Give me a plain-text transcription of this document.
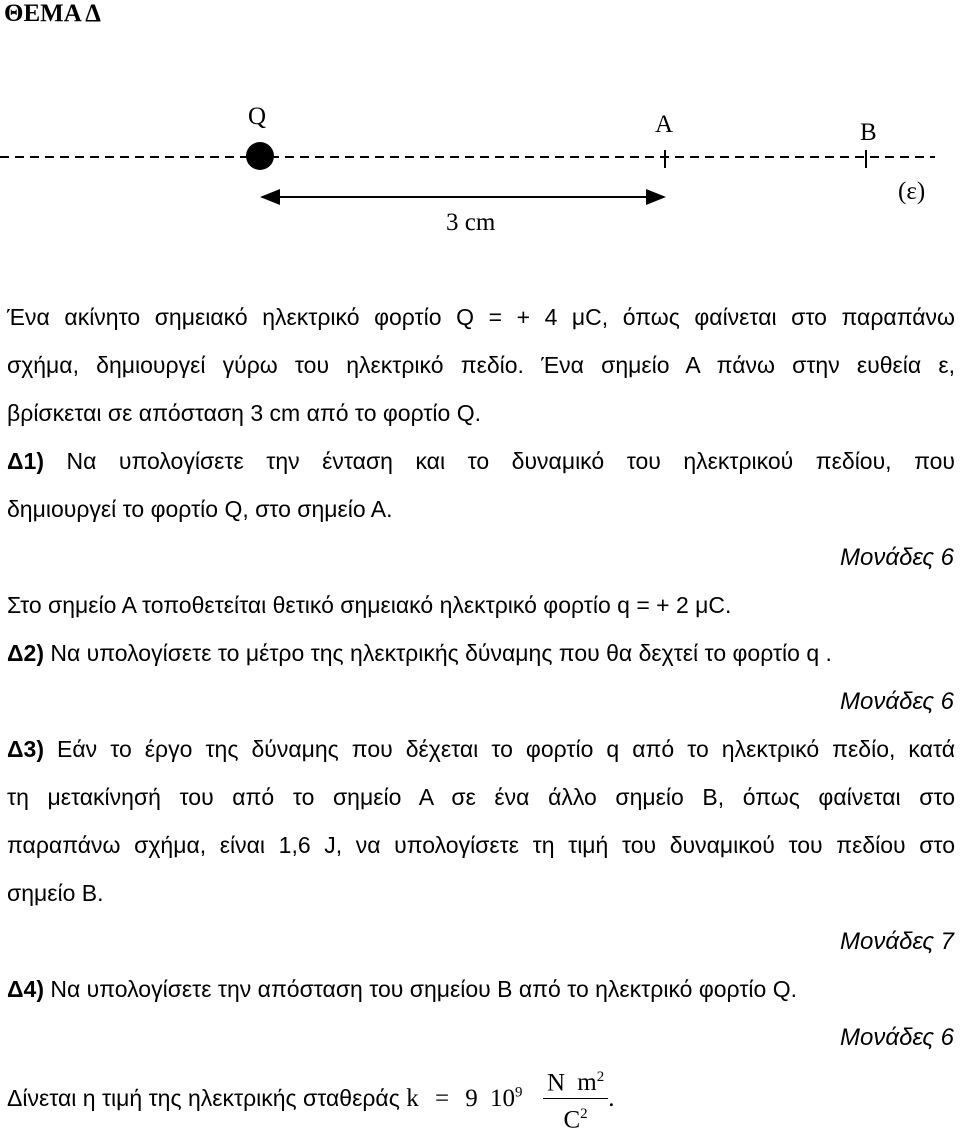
ΘΕΜΑ Δ
Q	A	B
(ε)
3 cm
Ένα ακίνητο σημειακό ηλεκτρικό φορτίο Q = + 4 μC, όπως φαίνεται στο παραπάνω
σχήμα, δημιουργεί γύρω του ηλεκτρικό πεδίο. Ένα σημείο Α πάνω στην ευθεία ε,
βρίσκεται σε απόσταση 3 cm από το φορτίο Q.
Δ1) Να υπολογίσετε την ένταση και το δυναμικό του ηλεκτρικού πεδίου, που
δημιουργεί το φορτίο Q, στο σημείο Α.
Μονάδες 6
Στο σημείο Α τοποθετείται θετικό σημειακό ηλεκτρικό φορτίο q = + 2 μC.
Δ2) Να υπολογίσετε το μέτρο της ηλεκτρικής δύναμης που θα δεχτεί το φορτίο q .
Μονάδες 6
Δ3) Εάν το έργο της δύναμης που δέχεται το φορτίο q από το ηλεκτρικό πεδίο, κατά
τη μετακίνησή του από το σημείο Α σε ένα άλλο σημείο Β, όπως φαίνεται στο
παραπάνω σχήμα, είναι 1,6 J, να υπολογίσετε τη τιμή του δυναμικού του πεδίου στο
σημείο Β.
Μονάδες 7
Δ4) Να υπολογίσετε την απόσταση του σημείου Β από το ηλεκτρικό φορτίο Q.
Μονάδες 6
Δίνεται η τιμή της ηλεκτρικής σταθεράς k = 9 $10^9 \frac{N m^2}{C^2}$ .
